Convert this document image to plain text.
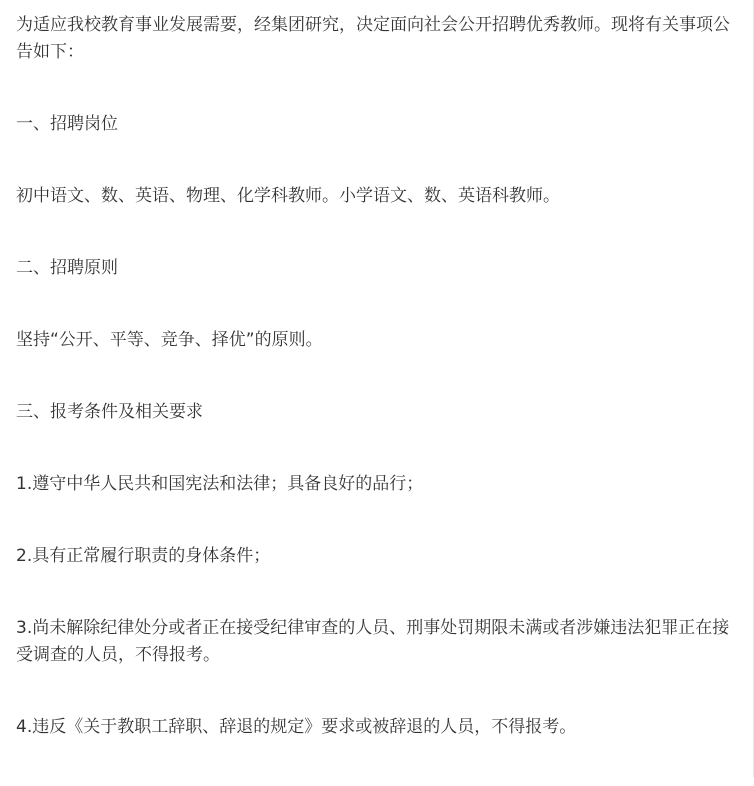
为适应我校教育事业发展需要，经集团研究，决定面向社会公开招聘优秀教师。现将有关事项公告如下：

一、招聘岗位

初中语文、数、英语、物理、化学科教师。小学语文、数、英语科教师。

二、招聘原则

坚持“公开、平等、竞争、择优”的原则。

三、报考条件及相关要求

1.遵守中华人民共和国宪法和法律；具备良好的品行；

2.具有正常履行职责的身体条件；

3.尚未解除纪律处分或者正在接受纪律审查的人员、刑事处罚期限未满或者涉嫌违法犯罪正在接受调查的人员，不得报考。

4.违反《关于教职工辞职、辞退的规定》要求或被辞退的人员，不得报考。
